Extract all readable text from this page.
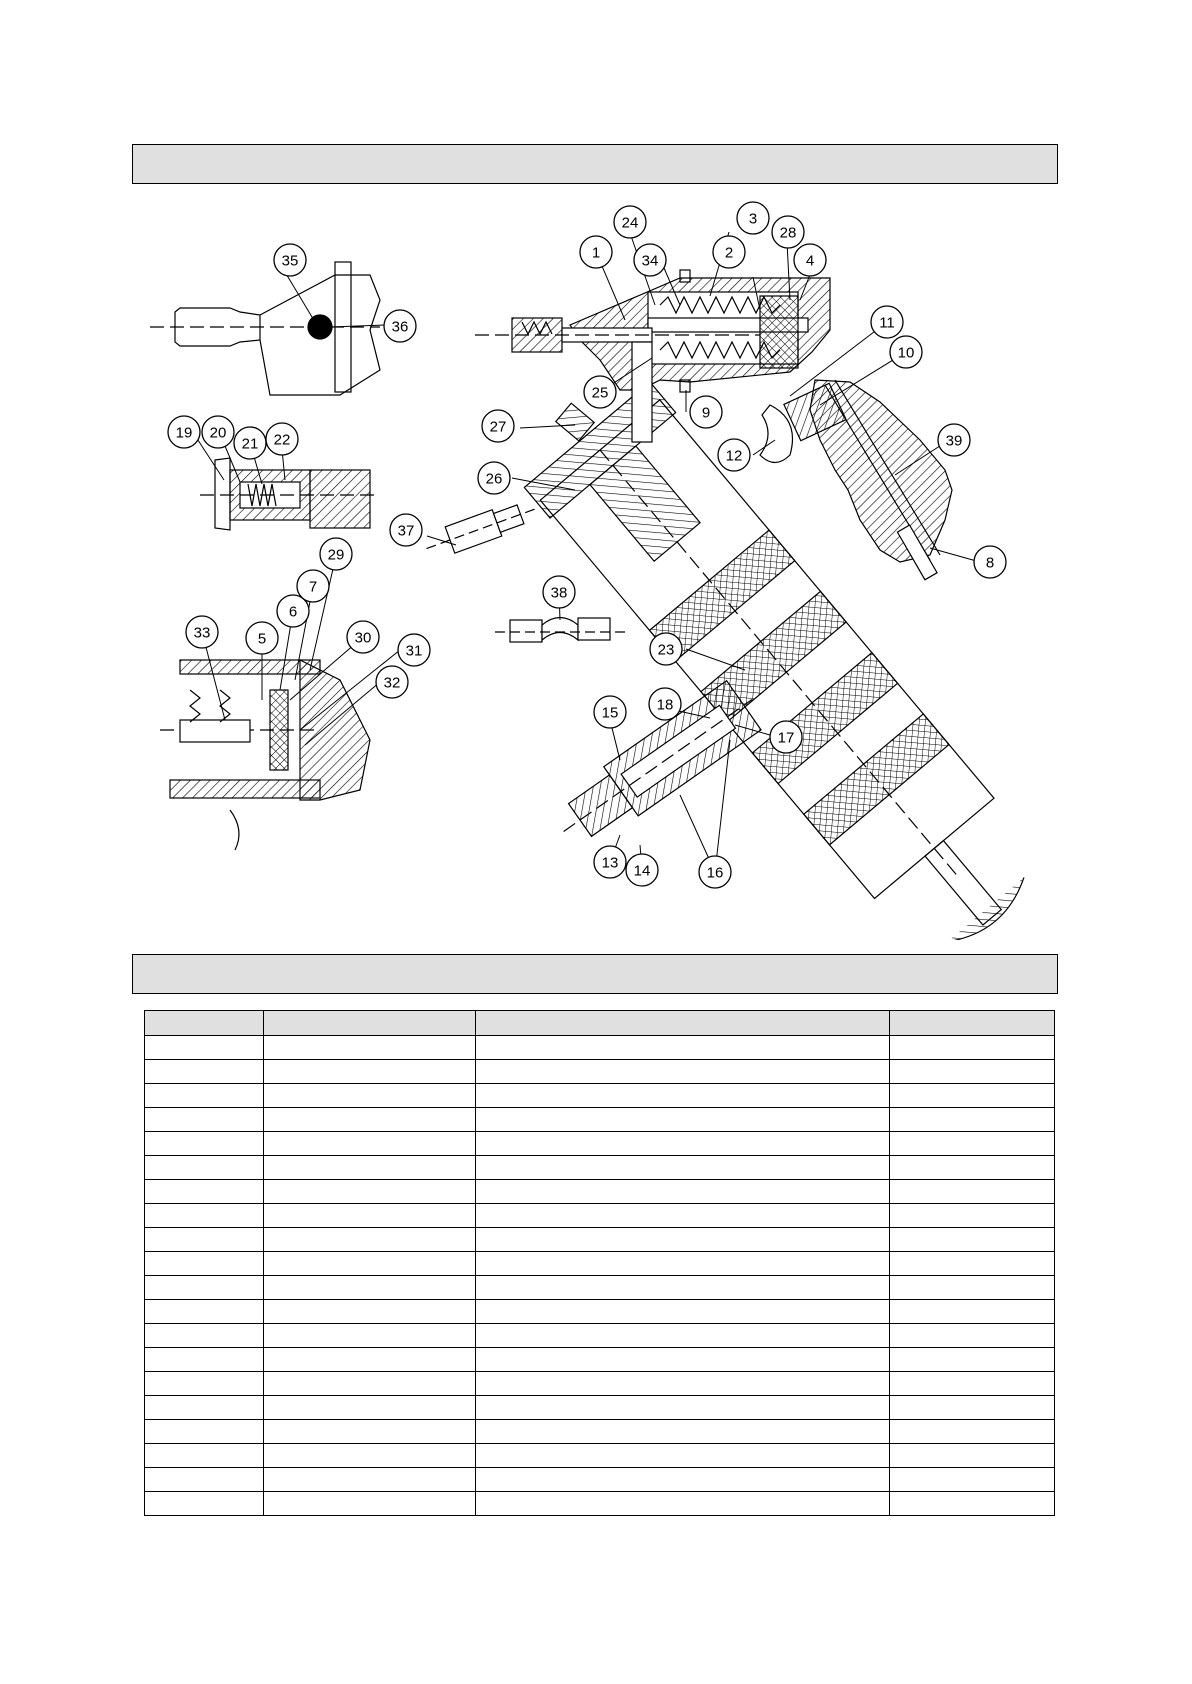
1	2
3
4
5
6
7
8
9
10
11
12
13 14
15
16
17
18
19 20
21 22
23
24
25
26
27
28
29
30
31
32
33
34
35
36
37
38
39
